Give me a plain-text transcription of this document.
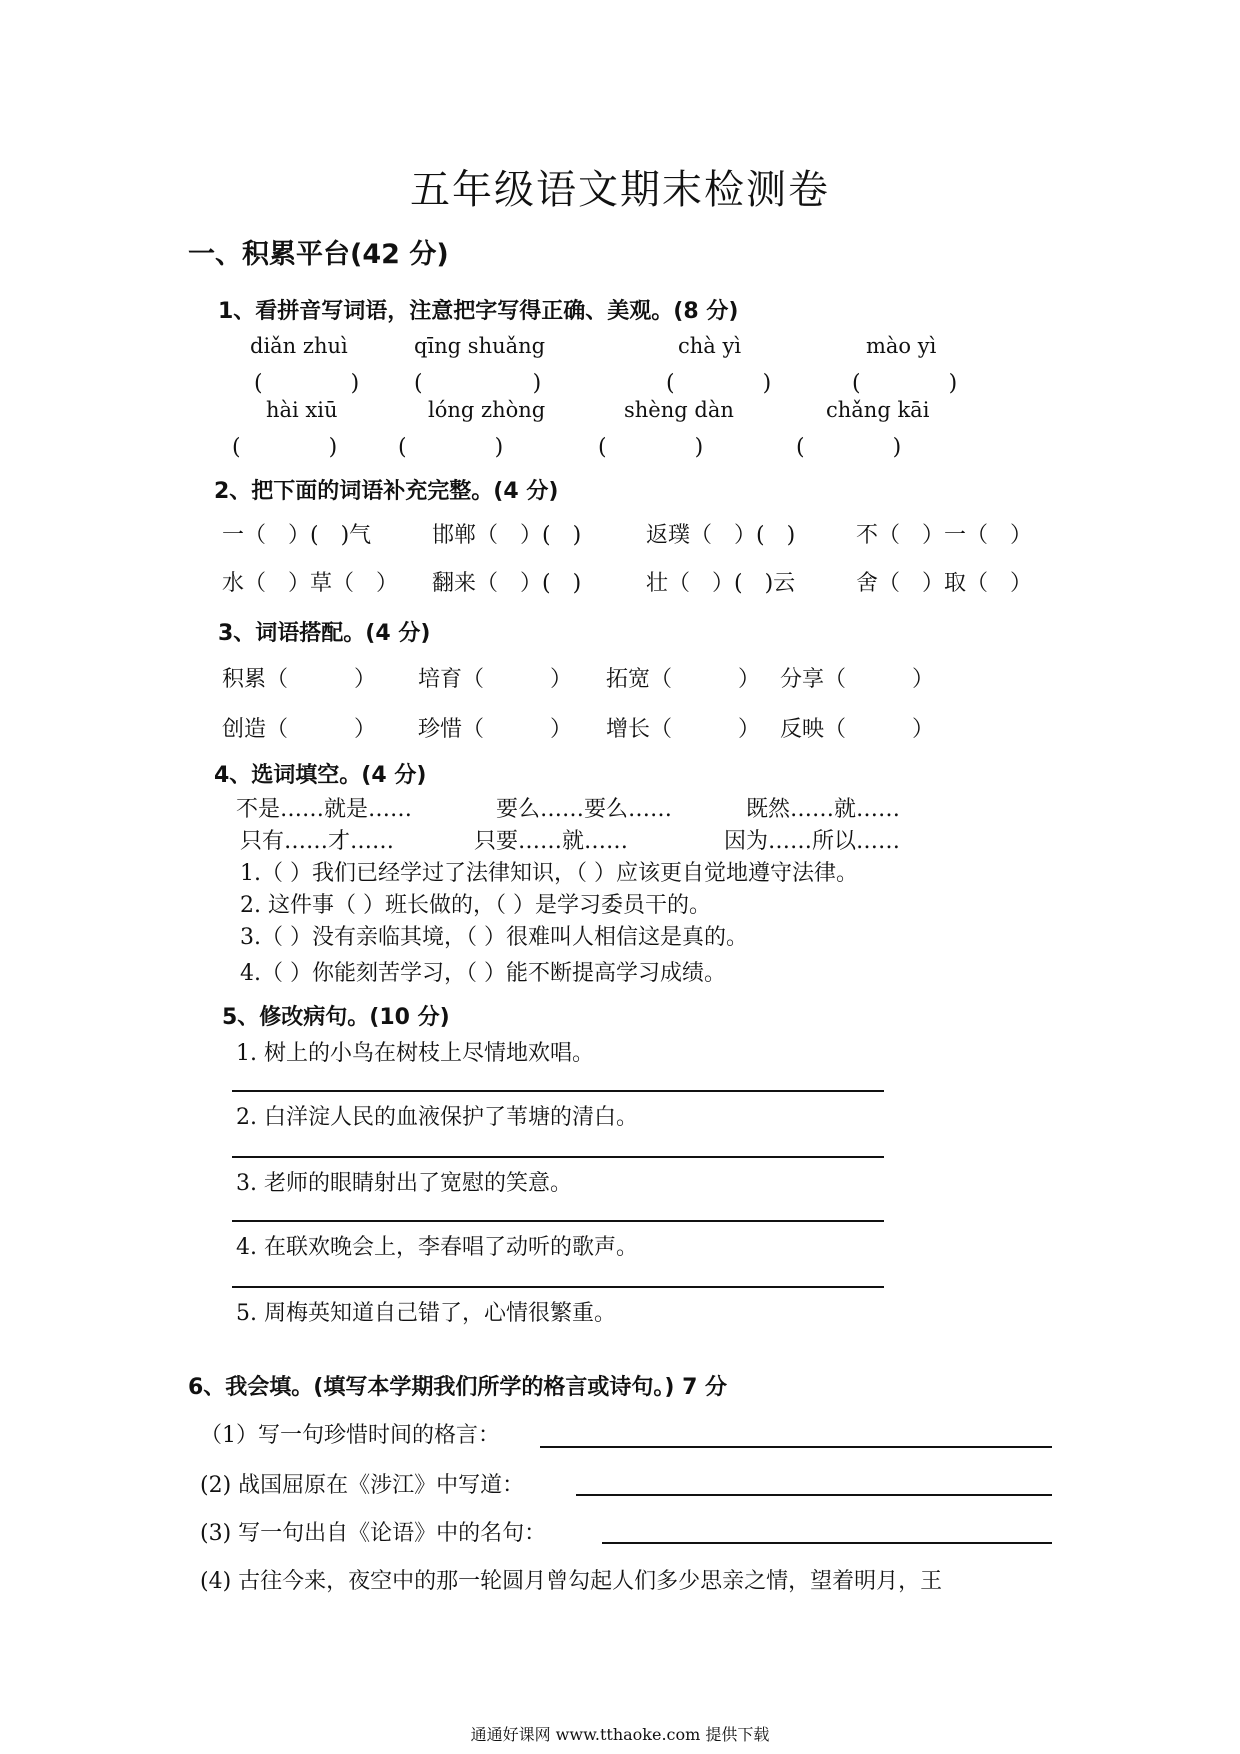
五年级语文期末检测卷
一、积累平台(42 分)
1、看拼音写词语，注意把字写得正确、美观。(8 分)
diǎn zhuì	qīng shuǎng	chà yì	mào yì
(　　　　) (　　　　　)	(　　　　)	(　　　　)
hài xiū	lóng zhòng	shèng dàn	chǎng kāi
(　　　　)	(　　　　)	(　　　　)	(　　　　)
2、把下面的词语补充完整。(4 分)
一（　）(　)气	邯郸（　）(　)	返璞（　）(　)	不（　）一（　）
水（　）草（　） 翻来（　）(　)	壮（　）(　)云	舍（　）取（　）
3、词语搭配。(4 分)
积累（　　　） 培育（　　　） 拓宽（　　　） 分享（　　　）
创造（　　　） 珍惜（　　　） 增长（　　　） 反映（　　　）
4、选词填空。(4 分)
不是……就是……	要么……要么……	既然……就……
只有……才……	只要……就……	因为……所以……
1.（ ）我们已经学过了法律知识，（ ）应该更自觉地遵守法律。
2. 这件事（ ）班长做的，（ ）是学习委员干的。
3.（ ）没有亲临其境，（ ）很难叫人相信这是真的。
4.（ ）你能刻苦学习，（ ）能不断提高学习成绩。
5、修改病句。(10 分)
1. 树上的小鸟在树枝上尽情地欢唱。
2. 白洋淀人民的血液保护了苇塘的清白。
3. 老师的眼睛射出了宽慰的笑意。
4. 在联欢晚会上，李春唱了动听的歌声。
5. 周梅英知道自己错了，心情很繁重。
6、我会填。(填写本学期我们所学的格言或诗句。) 7 分
（1）写一句珍惜时间的格言：
(2) 战国屈原在《涉江》中写道：
(3) 写一句出自《论语》中的名句：
(4) 古往今来，夜空中的那一轮圆月曾勾起人们多少思亲之情，望着明月，王
通通好课网 www.tthaoke.com 提供下载
